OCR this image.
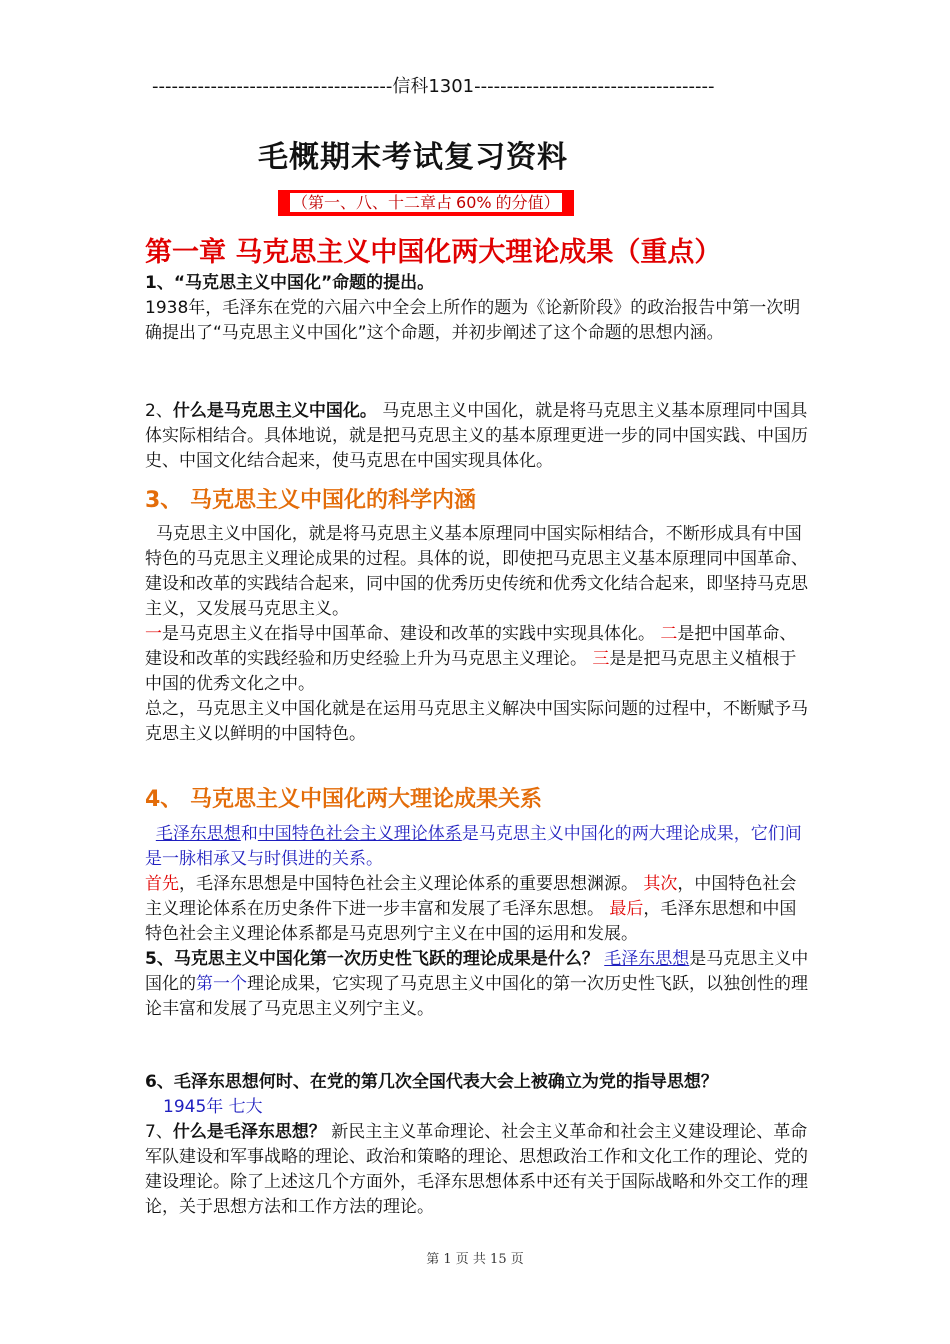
-------------------------------------信科1301-------------------------------------
毛概期末考试复习资料
（第一、八、十二章占 60% 的分值）
第一章 马克思主义中国化两大理论成果（重点）

1、“马克思主义中国化”命题的提出。

1938年，毛泽东在党的六届六中全会上所作的题为《论新阶段》的政治报告中第一次明确提出了“马克思主义中国化”这个命题，并初步阐述了这个命题的思想内涵。

2、什么是马克思主义中国化。 马克思主义中国化，就是将马克思主义基本原理同中国具体实际相结合。具体地说，就是把马克思主义的基本原理更进一步的同中国实践、中国历史、中国文化结合起来，使马克思在中国实现具体化。

3、 马克思主义中国化的科学内涵

马克思主义中国化，就是将马克思主义基本原理同中国实际相结合，不断形成具有中国特色的马克思主义理论成果的过程。具体的说，即使把马克思主义基本原理同中国革命、建设和改革的实践结合起来，同中国的优秀历史传统和优秀文化结合起来，即坚持马克思主义，又发展马克思主义。

一是马克思主义在指导中国革命、建设和改革的实践中实现具体化。 二是把中国革命、建设和改革的实践经验和历史经验上升为马克思主义理论。 三是是把马克思主义植根于中国的优秀文化之中。

总之，马克思主义中国化就是在运用马克思主义解决中国实际问题的过程中，不断赋予马克思主义以鲜明的中国特色。

4、 马克思主义中国化两大理论成果关系

毛泽东思想和中国特色社会主义理论体系是马克思主义中国化的两大理论成果，它们间是一脉相承又与时俱进的关系。

首先，毛泽东思想是中国特色社会主义理论体系的重要思想渊源。 其次，中国特色社会主义理论体系在历史条件下进一步丰富和发展了毛泽东思想。 最后，毛泽东思想和中国特色社会主义理论体系都是马克思列宁主义在中国的运用和发展。

5、马克思主义中国化第一次历史性飞跃的理论成果是什么？ 毛泽东思想是马克思主义中国化的第一个理论成果，它实现了马克思主义中国化的第一次历史性飞跃，以独创性的理论丰富和发展了马克思主义列宁主义。

6、毛泽东思想何时、在党的第几次全国代表大会上被确立为党的指导思想？

1945年 七大

7、什么是毛泽东思想？ 新民主主义革命理论、社会主义革命和社会主义建设理论、革命军队建设和军事战略的理论、政治和策略的理论、思想政治工作和文化工作的理论、党的建设理论。除了上述这几个方面外，毛泽东思想体系中还有关于国际战略和外交工作的理论，关于思想方法和工作方法的理论。

第 1 页 共 15 页
